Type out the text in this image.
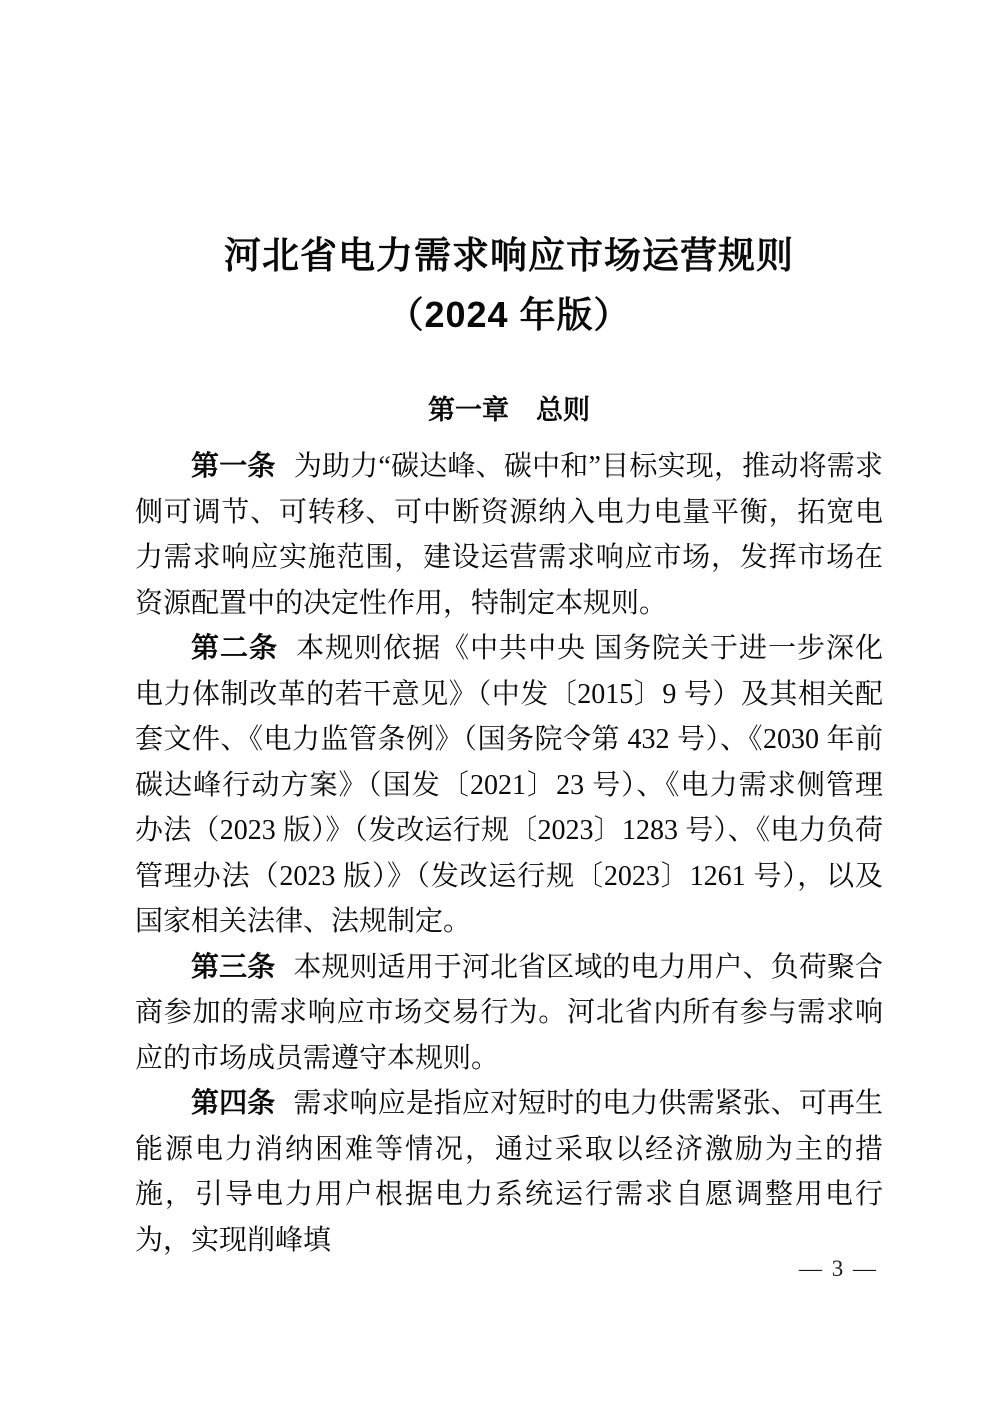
河北省电力需求响应市场运营规则
（2024 年版）
第一章　总则

第一条 为助力“碳达峰、碳中和”目标实现，推动将需求侧可调节、可转移、可中断资源纳入电力电量平衡，拓宽电力需求响应实施范围，建设运营需求响应市场，发挥市场在资源配置中的决定性作用，特制定本规则。

第二条 本规则依据《中共中央 国务院关于进一步深化电力体制改革的若干意见》（中发〔2015〕9 号）及其相关配套文件、《电力监管条例》（国务院令第 432 号）、《2030 年前碳达峰行动方案》（国发〔2021〕23 号）、《电力需求侧管理办法（2023 版）》（发改运行规〔2023〕1283 号）、《电力负荷管理办法（2023 版）》（发改运行规〔2023〕1261 号），以及国家相关法律、法规制定。

第三条 本规则适用于河北省区域的电力用户、负荷聚合商参加的需求响应市场交易行为。河北省内所有参与需求响应的市场成员需遵守本规则。

第四条 需求响应是指应对短时的电力供需紧张、可再生能源电力消纳困难等情况，通过采取以经济激励为主的措施，引导电力用户根据电力系统运行需求自愿调整用电行为，实现削峰填

— 3 —
